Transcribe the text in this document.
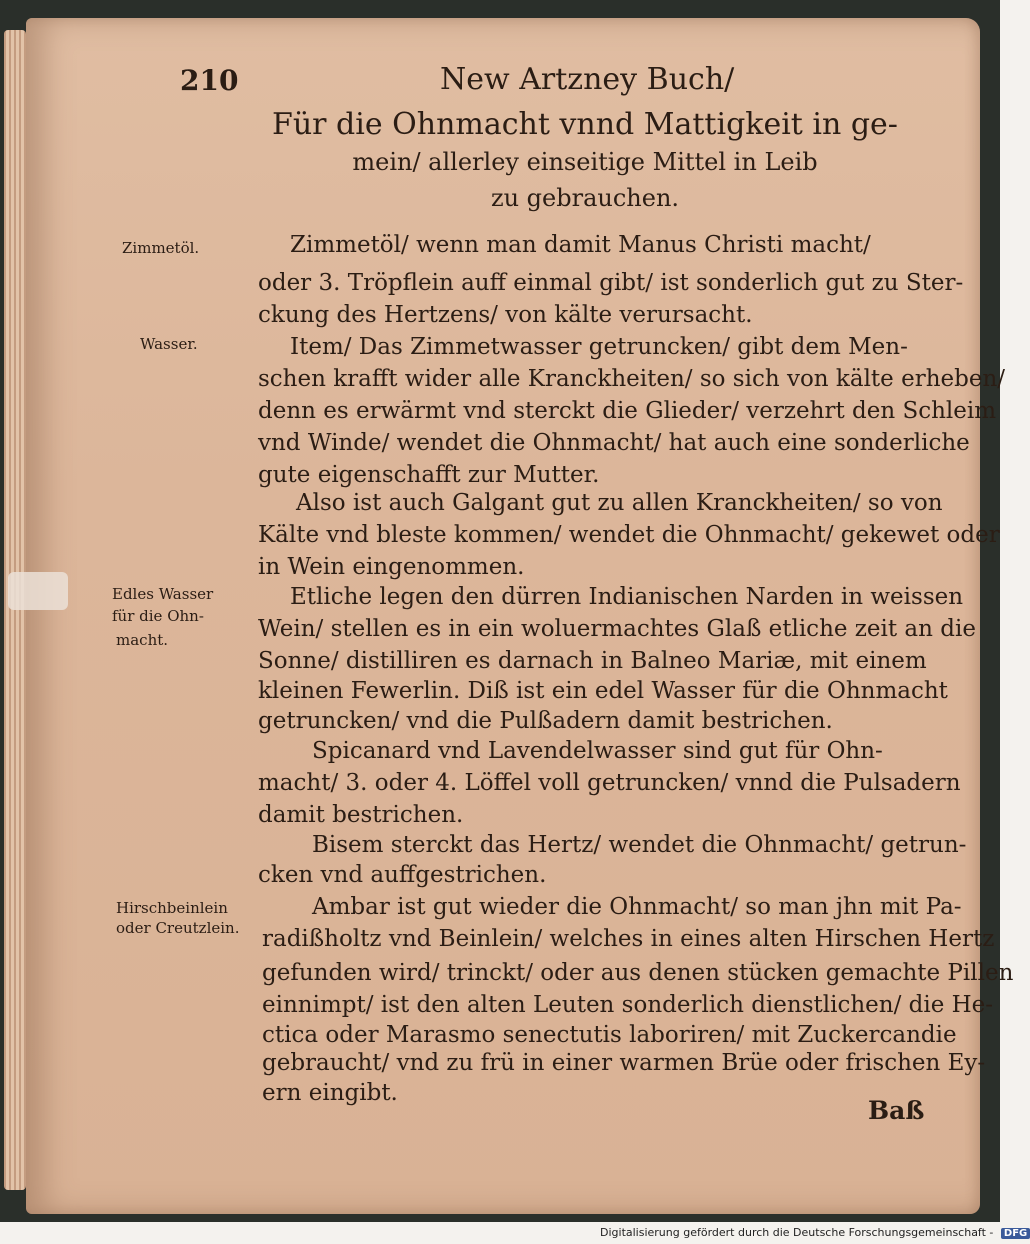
210	New Artzney Buch/
Für die Ohnmacht vnnd Mattigkeit in ge-
mein/ allerley einseitige Mittel in Leib
zu gebrauchen.
Zimmetöl.
Wasser.
Edles Wasser
für die Ohn-
macht.
Hirschbeinlein
oder Creutzlein.
Zimmetöl/ wenn man damit Manus Christi macht/
oder 3. Tröpflein auff einmal gibt/ ist sonderlich gut zu Ster-
ckung des Hertzens/ von kälte verursacht.
Item/ Das Zimmetwasser getruncken/ gibt dem Men-
schen krafft wider alle Kranckheiten/ so sich von kälte erheben/
denn es erwärmt vnd sterckt die Glieder/ verzehrt den Schleim
vnd Winde/ wendet die Ohnmacht/ hat auch eine sonderliche
gute eigenschafft zur Mutter.
Also ist auch Galgant gut zu allen Kranckheiten/ so von
Kälte vnd bleste kommen/ wendet die Ohnmacht/ gekewet oder
in Wein eingenommen.
Etliche legen den dürren Indianischen Narden in weissen
Wein/ stellen es in ein woluermachtes Glaß etliche zeit an die
Sonne/ distilliren es darnach in Balneo Mariæ, mit einem
kleinen Fewerlin. Diß ist ein edel Wasser für die Ohnmacht
getruncken/ vnd die Pulßadern damit bestrichen.
Spicanard vnd Lavendelwasser sind gut für Ohn-
macht/ 3. oder 4. Löffel voll getruncken/ vnnd die Pulsadern
damit bestrichen.
Bisem sterckt das Hertz/ wendet die Ohnmacht/ getrun-
cken vnd auffgestrichen.
Ambar ist gut wieder die Ohnmacht/ so man jhn mit Pa-
radißholtz vnd Beinlein/ welches in eines alten Hirschen Hertz
gefunden wird/ trinckt/ oder aus denen stücken gemachte Pillen
einnimpt/ ist den alten Leuten sonderlich dienstlichen/ die He-
ctica oder Marasmo senectutis laboriren/ mit Zuckercandie
gebraucht/ vnd zu frü in einer warmen Brüe oder frischen Ey-
ern eingibt.
Baß
Digitalisierung gefördert durch die Deutsche Forschungsgemeinschaft - DFG
